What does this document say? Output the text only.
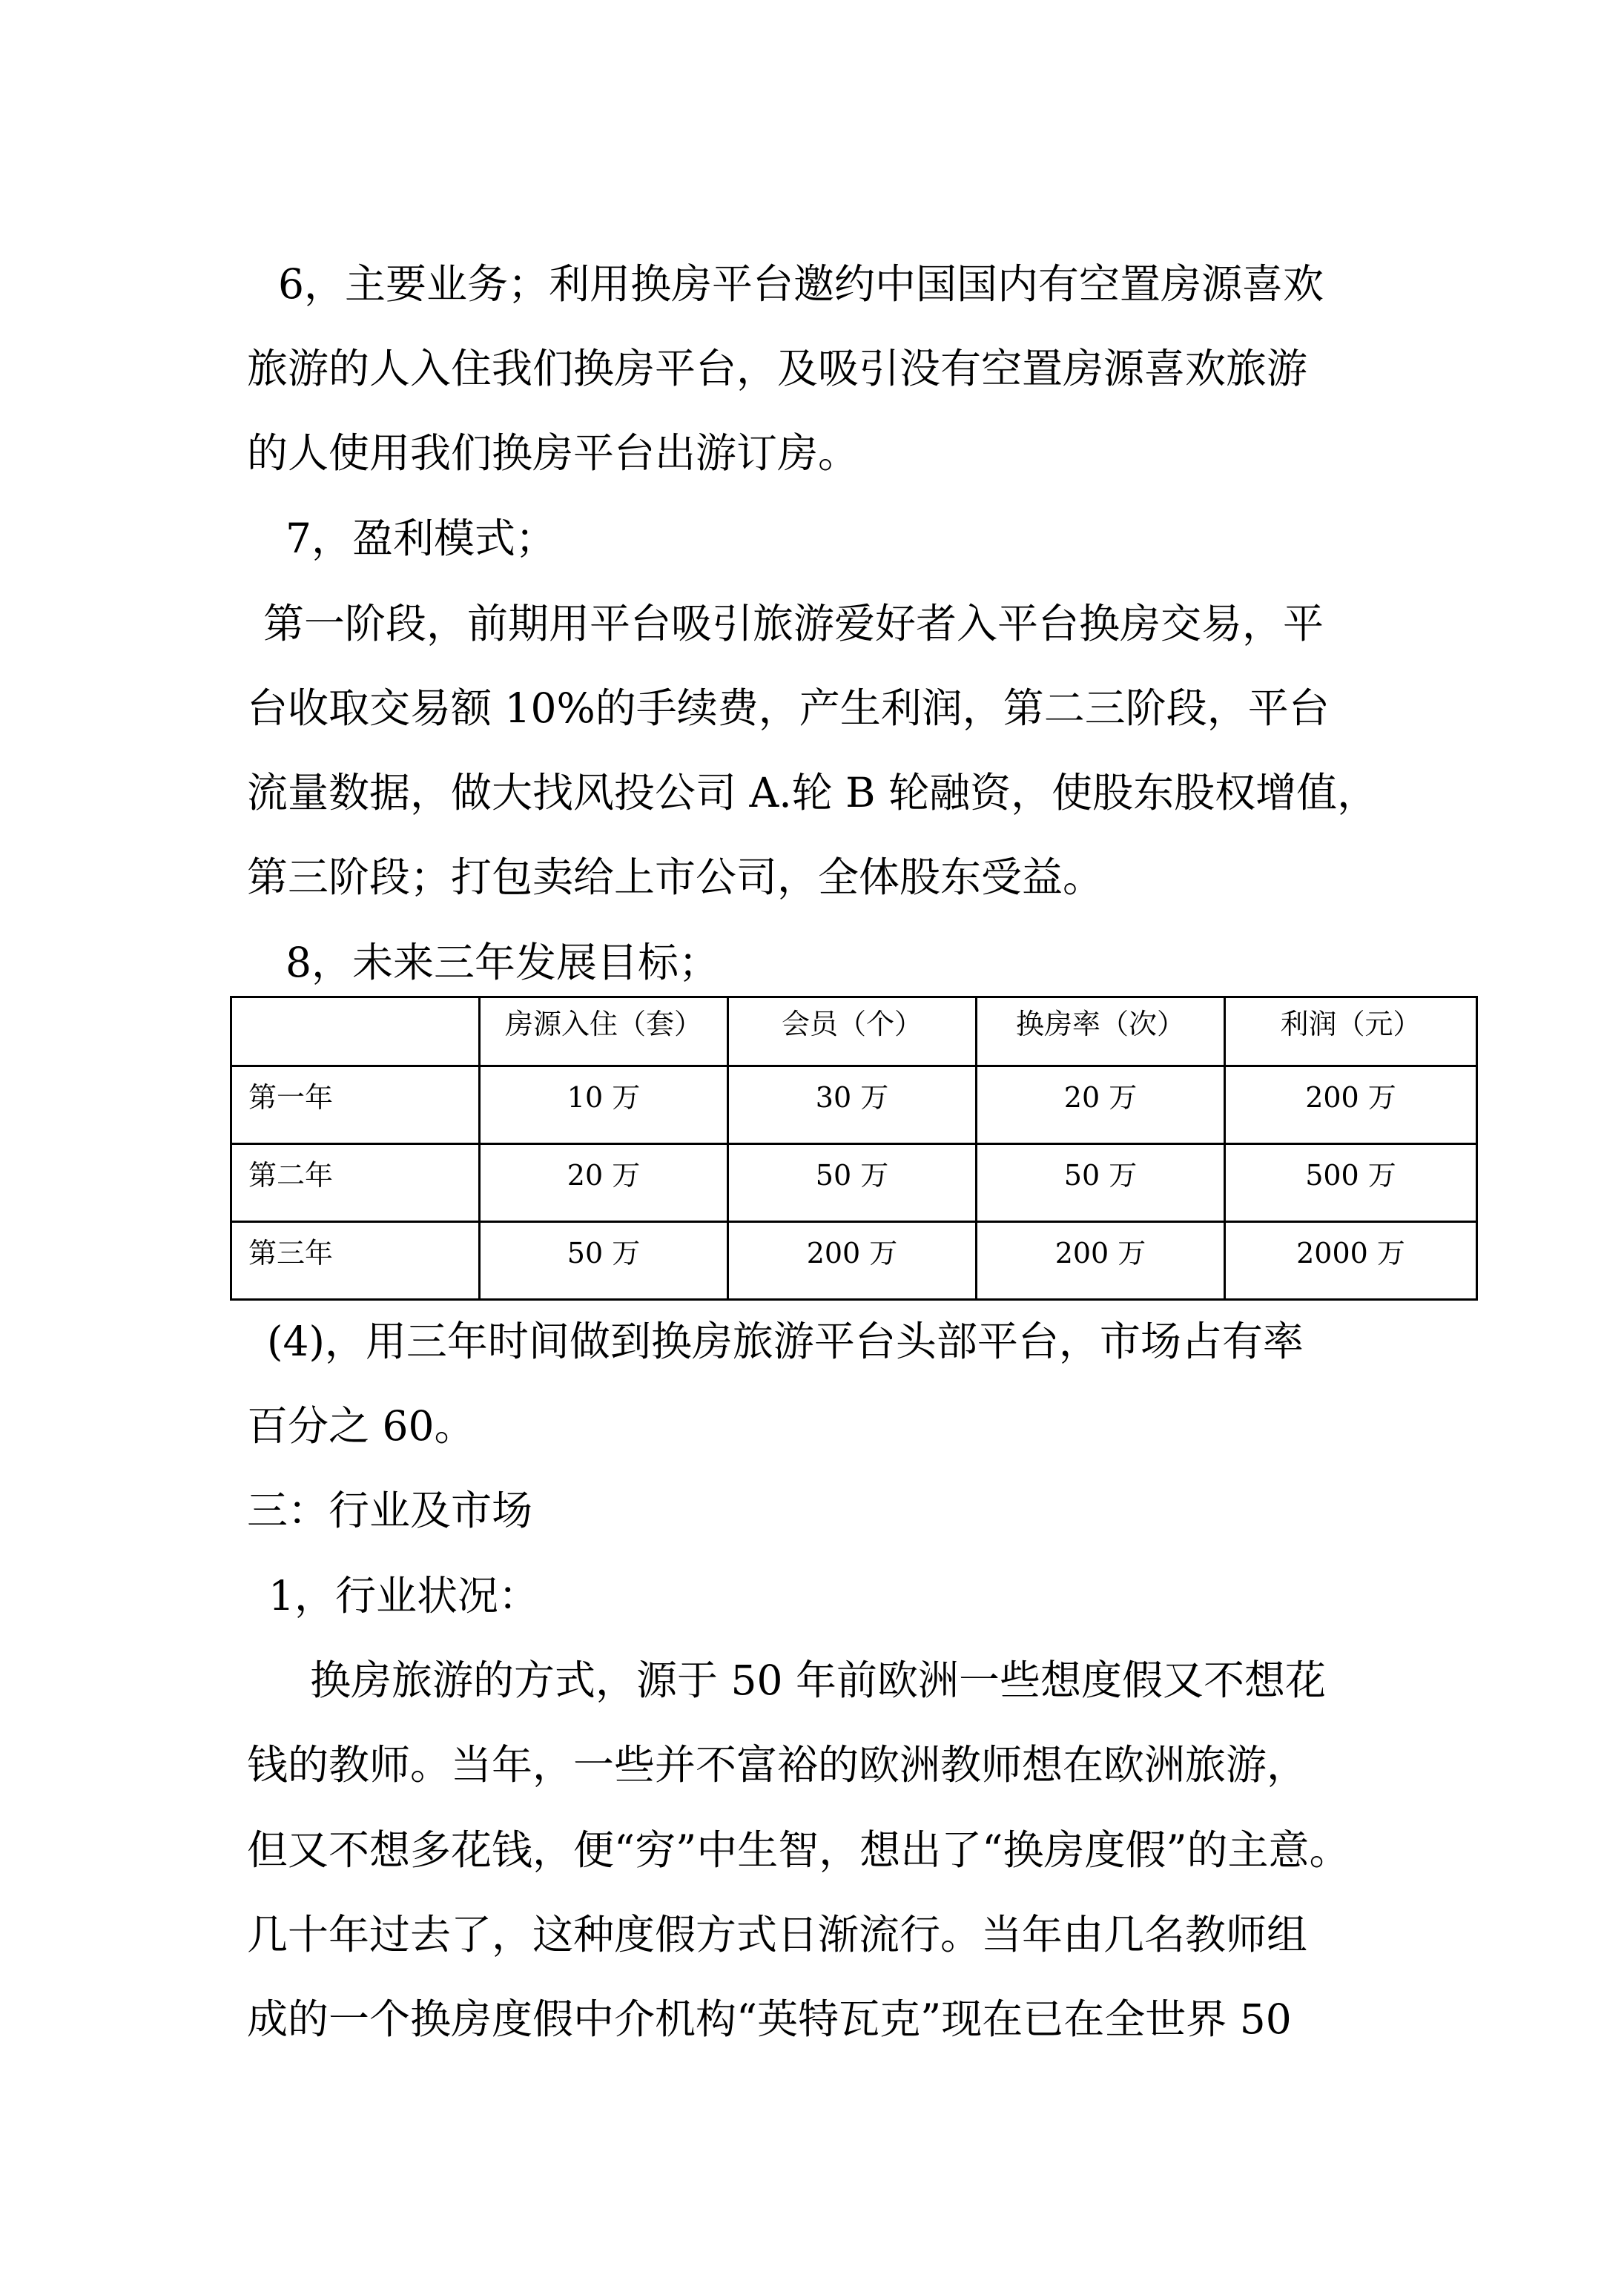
6，主要业务；利用换房平台邀约中国国内有空置房源喜欢
旅游的人入住我们换房平台，及吸引没有空置房源喜欢旅游
的人使用我们换房平台出游订房。
7，盈利模式；
第一阶段，前期用平台吸引旅游爱好者入平台换房交易，平
台收取交易额 10%的手续费，产生利润，第二三阶段，平台
流量数据，做大找风投公司 A.轮 B 轮融资，使股东股权增值，
第三阶段；打包卖给上市公司，全体股东受益。
8，未来三年发展目标；
	房源入住（套）	会员（个）	换房率（次）	利润（元）
第一年	10 万	30 万	20 万	200 万
第二年	20 万	50 万	50 万	500 万
第三年	50 万	200 万	200 万	2000 万
(4)，用三年时间做到换房旅游平台头部平台，市场占有率
百分之 60。
三：行业及市场
1，行业状况：
换房旅游的方式，源于 50 年前欧洲一些想度假又不想花
钱的教师。当年，一些并不富裕的欧洲教师想在欧洲旅游，
但又不想多花钱，便“穷”中生智，想出了“换房度假”的主意。
几十年过去了，这种度假方式日渐流行。当年由几名教师组
成的一个换房度假中介机构“英特瓦克”现在已在全世界 50
